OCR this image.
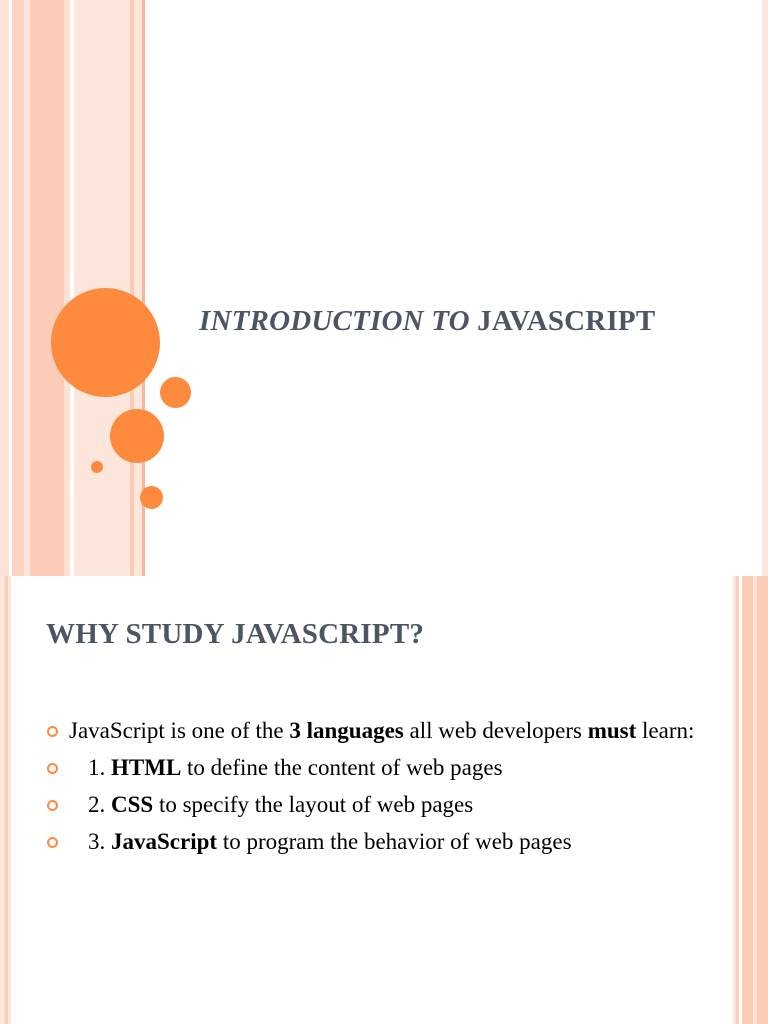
INTRODUCTION TO JAVASCRIPT
WHY STUDY JAVASCRIPT?
JavaScript is one of the 3 languages all web developers must learn:
1. HTML to define the content of web pages
2. CSS to specify the layout of web pages
3. JavaScript to program the behavior of web pages
